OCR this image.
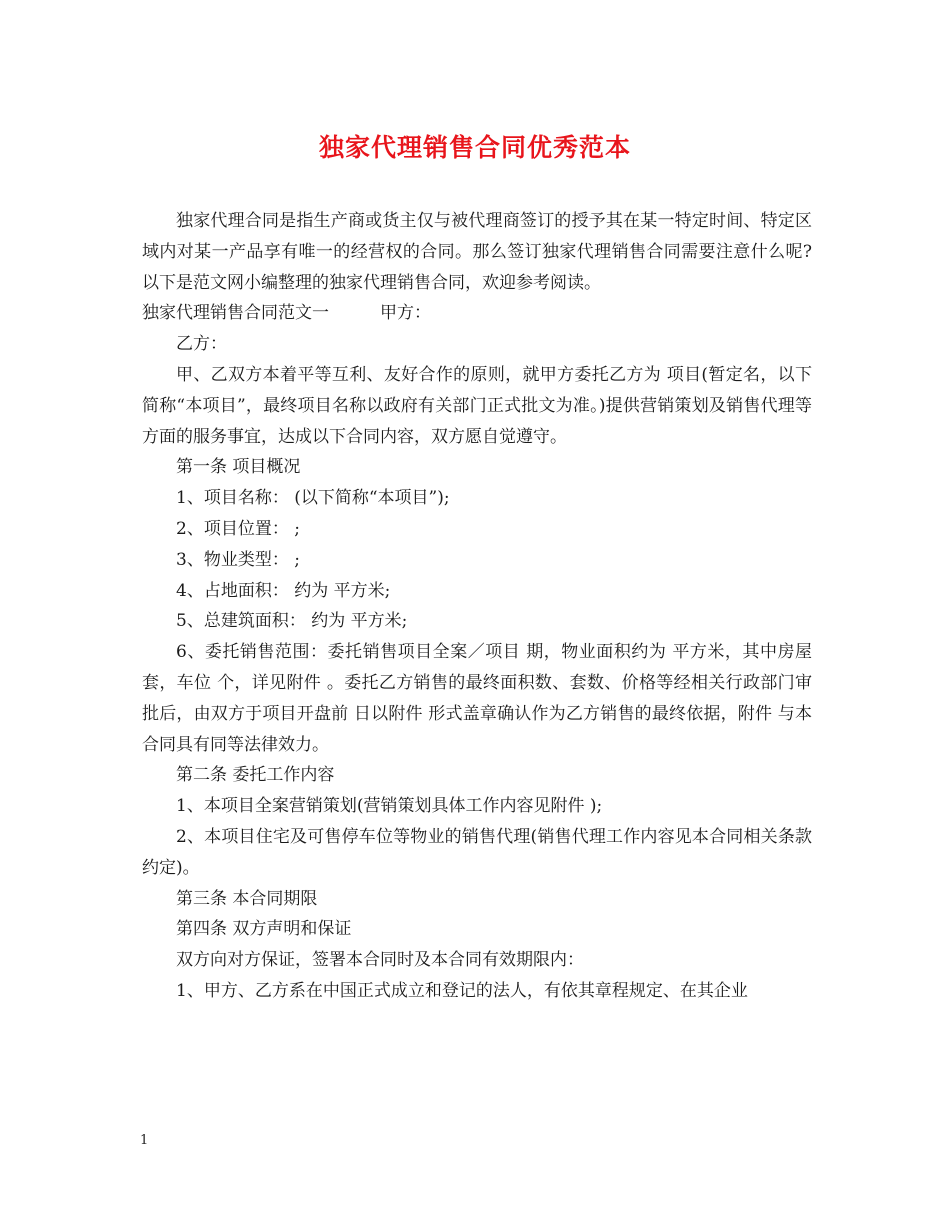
独家代理销售合同优秀范本

独家代理合同是指生产商或货主仅与被代理商签订的授予其在某一特定时间、特定区域内对某一产品享有唯一的经营权的合同。那么签订独家代理销售合同需要注意什么呢?以下是范文网小编整理的独家代理销售合同，欢迎参考阅读。

独家代理销售合同范文一　　　甲方：

乙方：

甲、乙双方本着平等互利、友好合作的原则，就甲方委托乙方为 项目(暂定名，以下简称“本项目”，最终项目名称以政府有关部门正式批文为准。)提供营销策划及销售代理等方面的服务事宜，达成以下合同内容，双方愿自觉遵守。

第一条 项目概况

1、项目名称： (以下简称“本项目”);

2、项目位置： ;

3、物业类型： ;

4、占地面积： 约为 平方米;

5、总建筑面积： 约为 平方米;

6、委托销售范围：委托销售项目全案／项目 期，物业面积约为 平方米，其中房屋 套，车位 个，详见附件 。委托乙方销售的最终面积数、套数、价格等经相关行政部门审批后，由双方于项目开盘前 日以附件 形式盖章确认作为乙方销售的最终依据，附件 与本合同具有同等法律效力。

第二条 委托工作内容

1、本项目全案营销策划(营销策划具体工作内容见附件 );

2、本项目住宅及可售停车位等物业的销售代理(销售代理工作内容见本合同相关条款约定)。

第三条 本合同期限

第四条 双方声明和保证

双方向对方保证，签署本合同时及本合同有效期限内：

1、甲方、乙方系在中国正式成立和登记的法人，有依其章程规定、在其企业

1
